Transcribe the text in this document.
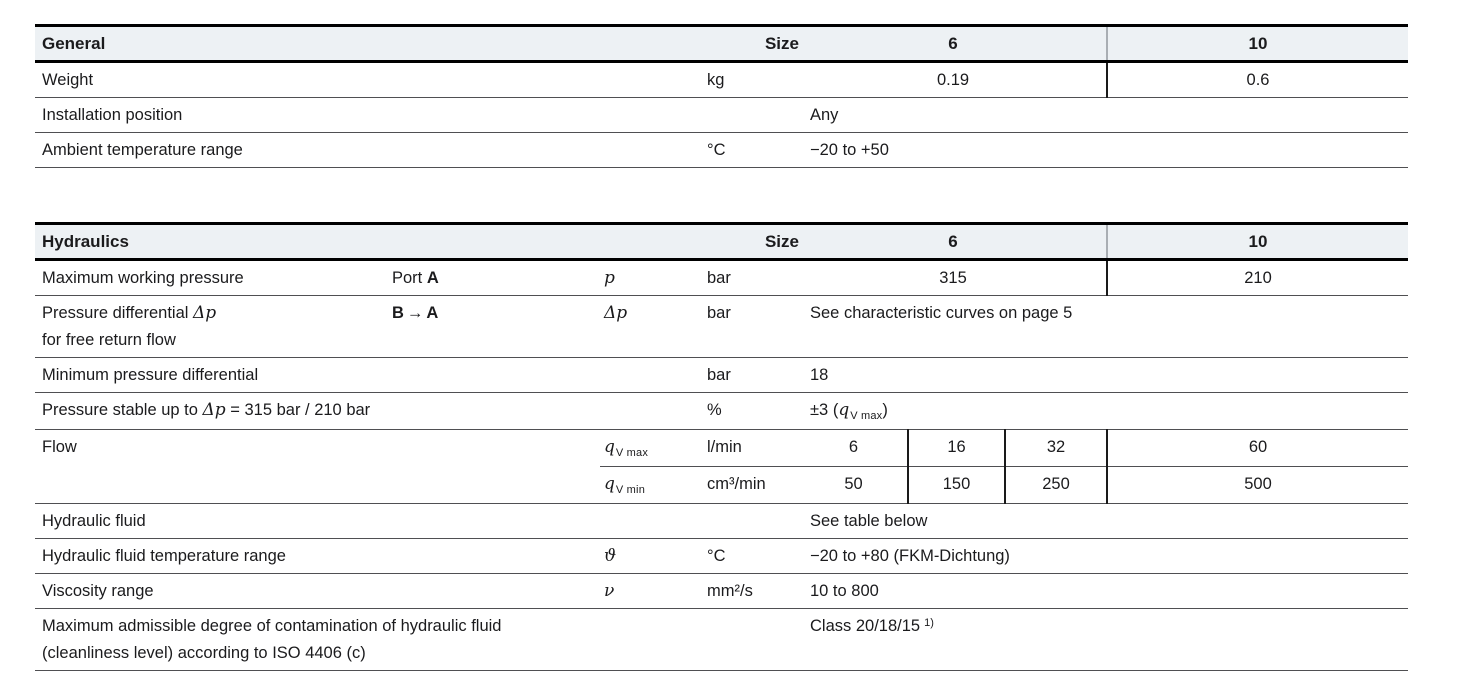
General	Size	6	10
Weight	kg	0.19	0.6
Installation position		Any	
Ambient temperature range	°C	−20 to +50	
Hydraulics			Size	6			10
Maximum working pressure	Port A	p	bar	315			210
Pressure differential Δp
for free return flow	B → A	Δp	bar	See characteristic curves on page 5			
Minimum pressure differential			bar	18			
Pressure stable up to Δp = 315 bar / 210 bar			%	±3 (qV max)			
Flow		qV max	l/min	6	16	32	60
		qV min	cm³/min	50	150	250	500
Hydraulic fluid				See table below			
Hydraulic fluid temperature range		ϑ	°C	−20 to +80 (FKM-Dichtung)			
Viscosity range		ν	mm²/s	10 to 800			
Maximum admissible degree of contamination of hydraulic fluid
(cleanliness level) according to ISO 4406 (c)				Class 20/18/15 1)			
